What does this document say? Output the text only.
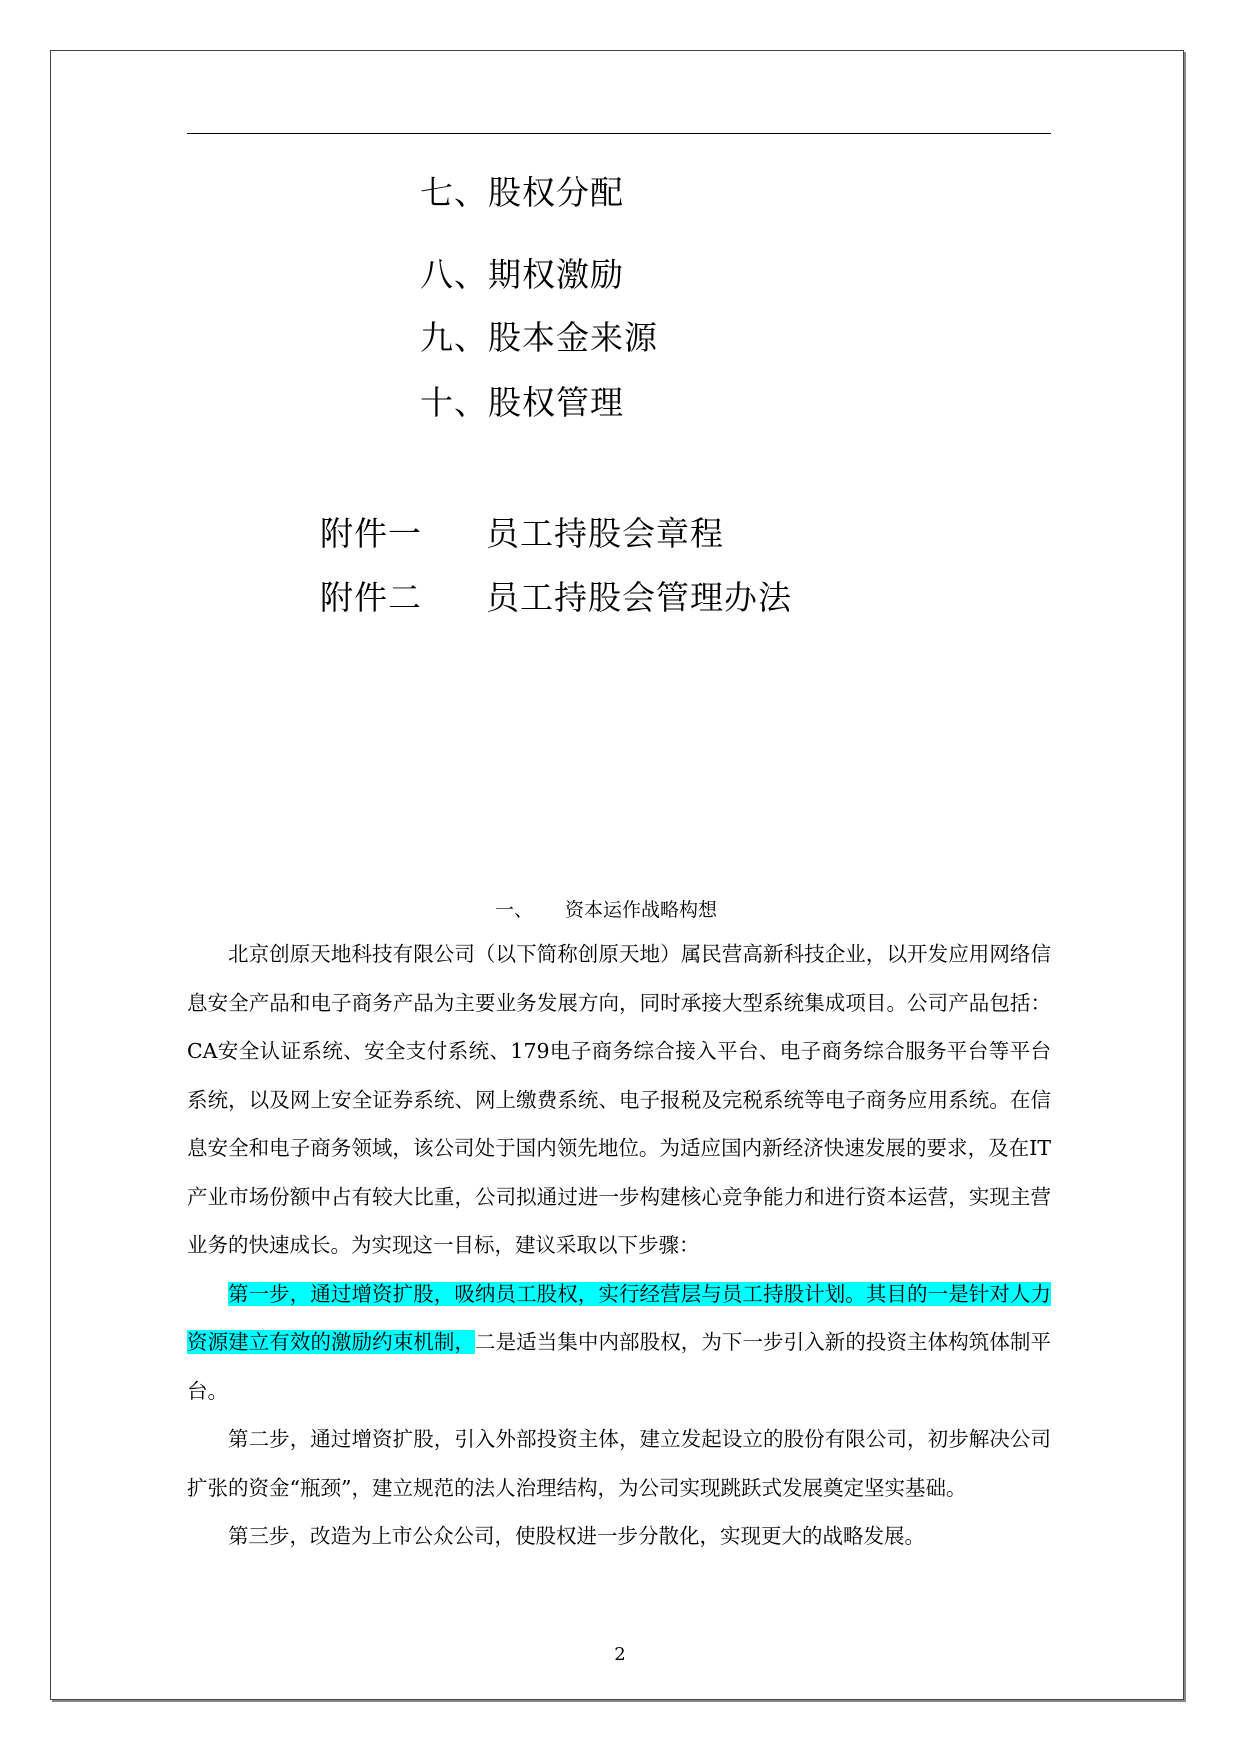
七、股权分配
八、期权激励
九、股本金来源
十、股权管理
附件一 员工持股会章程
附件二 员工持股会管理办法
一、 资本运作战略构想

北京创原天地科技有限公司（以下简称创原天地）属民营高新科技企业，以开发应用网络信息安全产品和电子商务产品为主要业务发展方向，同时承接大型系统集成项目。公司产品包括：CA安全认证系统、安全支付系统、179电子商务综合接入平台、电子商务综合服务平台等平台系统，以及网上安全证券系统、网上缴费系统、电子报税及完税系统等电子商务应用系统。在信息安全和电子商务领域，该公司处于国内领先地位。为适应国内新经济快速发展的要求，及在IT产业市场份额中占有较大比重，公司拟通过进一步构建核心竞争能力和进行资本运营，实现主营业务的快速成长。为实现这一目标，建议采取以下步骤：

第一步，通过增资扩股，吸纳员工股权，实行经营层与员工持股计划。其目的一是针对人力资源建立有效的激励约束机制，二是适当集中内部股权，为下一步引入新的投资主体构筑体制平台。

第二步，通过增资扩股，引入外部投资主体，建立发起设立的股份有限公司，初步解决公司扩张的资金“瓶颈”，建立规范的法人治理结构，为公司实现跳跃式发展奠定坚实基础。

第三步，改造为上市公众公司，使股权进一步分散化，实现更大的战略发展。

2
